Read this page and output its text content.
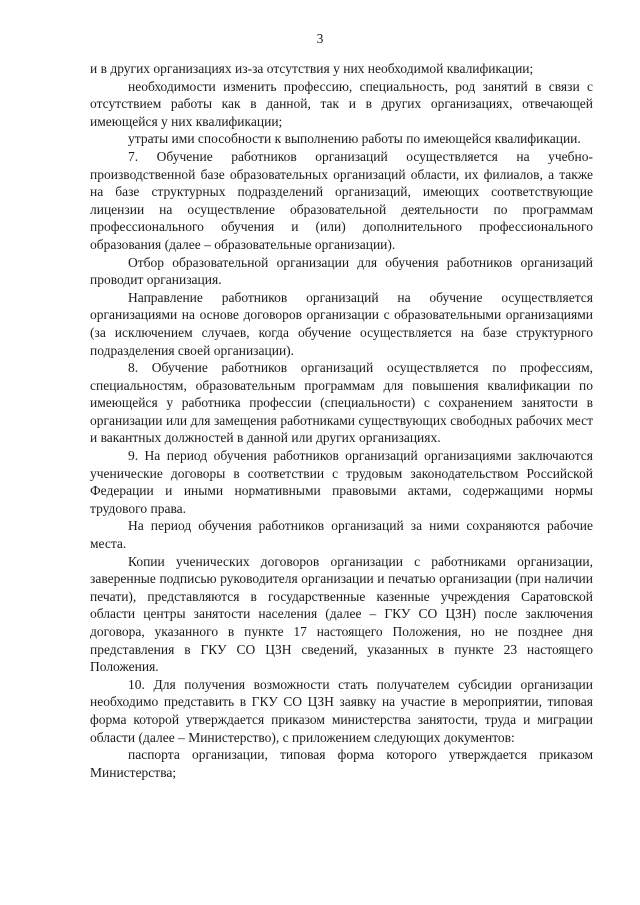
3

и в других организациях из-за отсутствия у них необходимой квалификации;

необходимости изменить профессию, специальность, род занятий в связи с отсутствием работы как в данной, так и в других организациях, отвечающей имеющейся у них квалификации;

утраты ими способности к выполнению работы по имеющейся квалификации.

7. Обучение работников организаций осуществляется на учебно-производственной базе образовательных организаций области, их филиалов, а также на базе структурных подразделений организаций, имеющих соответствующие лицензии на осуществление образовательной деятельности по программам профессионального обучения и (или) дополнительного профессионального образования (далее – образовательные организации).

Отбор образовательной организации для обучения работников организаций проводит организация.

Направление работников организаций на обучение осуществляется организациями на основе договоров организации с образовательными организациями (за исключением случаев, когда обучение осуществляется на базе структурного подразделения своей организации).

8. Обучение работников организаций осуществляется по профессиям, специальностям, образовательным программам для повышения квалификации по имеющейся у работника профессии (специальности) с сохранением занятости в организации или для замещения работниками существующих свободных рабочих мест и вакантных должностей в данной или других организациях.

9. На период обучения работников организаций организациями заключаются ученические договоры в соответствии с трудовым законодательством Российской Федерации и иными нормативными правовыми актами, содержащими нормы трудового права.

На период обучения работников организаций за ними сохраняются рабочие места.

Копии ученических договоров организации с работниками организации, заверенные подписью руководителя организации и печатью организации (при наличии печати), представляются в государственные казенные учреждения Саратовской области центры занятости населения (далее – ГКУ СО ЦЗН) после заключения договора, указанного в пункте 17 настоящего Положения, но не позднее дня представления в ГКУ СО ЦЗН сведений, указанных в пункте 23 настоящего Положения.

10. Для получения возможности стать получателем субсидии организации необходимо представить в ГКУ СО ЦЗН заявку на участие в мероприятии, типовая форма которой утверждается приказом министерства занятости, труда и миграции области (далее – Министерство), с приложением следующих документов:

паспорта организации, типовая форма которого утверждается приказом Министерства;
